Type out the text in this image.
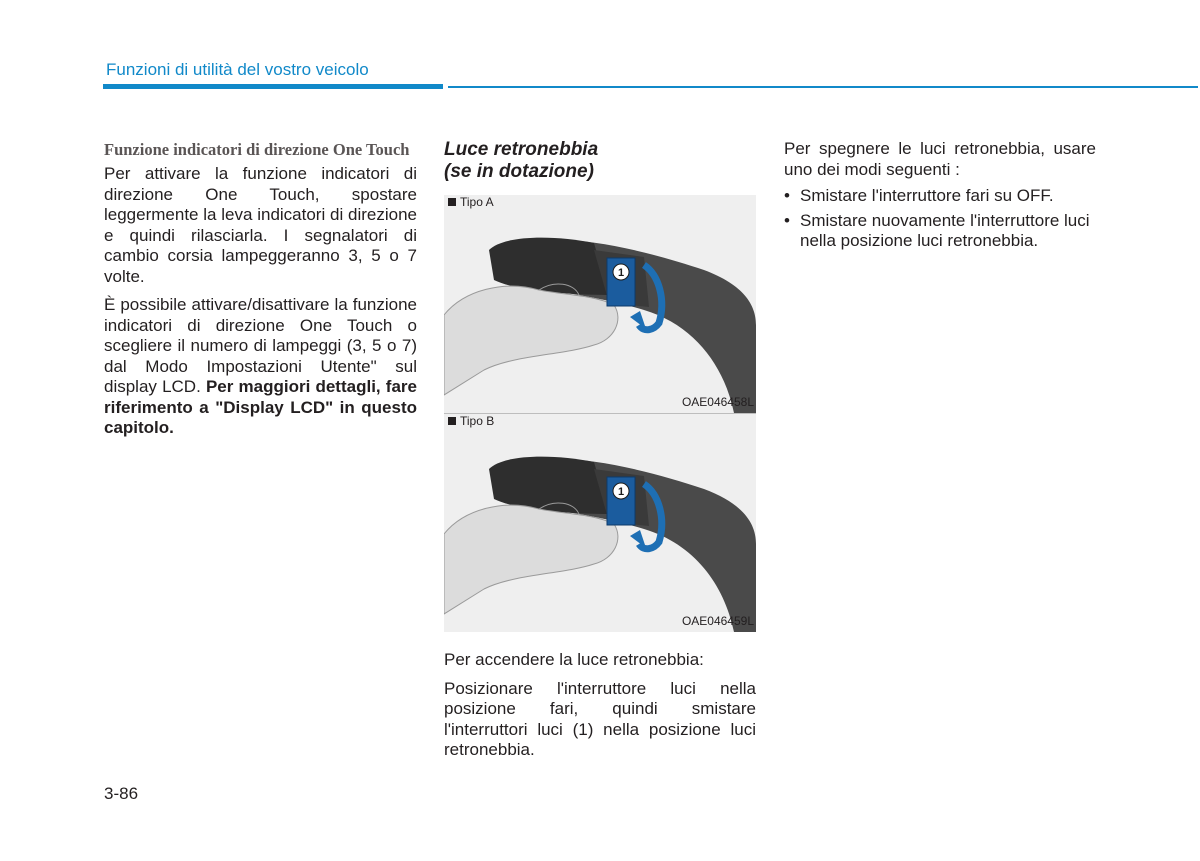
Funzioni di utilità del vostro veicolo
Funzione indicatori di direzione One Touch

Per attivare la funzione indicatori di direzione One Touch, spostare leggermente la leva indicatori di direzione e quindi rilasciarla. I segnalatori di cambio corsia lampeggeranno 3, 5 o 7 volte.

È possibile attivare/disattivare la funzione indicatori di direzione One Touch o scegliere il numero di lampeggi (3, 5 o 7) dal Modo Impostazioni Utente" sul display LCD. Per maggiori dettagli, fare riferimento a "Display LCD" in questo capitolo.

Luce retronebbia
(se in dotazione)
1
Tipo A
OAE046458L
1
Tipo B
OAE046459L

Per accendere la luce retronebbia:

Posizionare l'interruttore luci nella posizione fari, quindi smistare l'interruttori luci (1) nella posizione luci retronebbia.

Per spegnere le luci retronebbia, usare uno dei modi seguenti :

• Smistare l'interruttore fari su OFF.
• Smistare nuovamente l'interruttore luci nella posizione luci retronebbia.
3-86
